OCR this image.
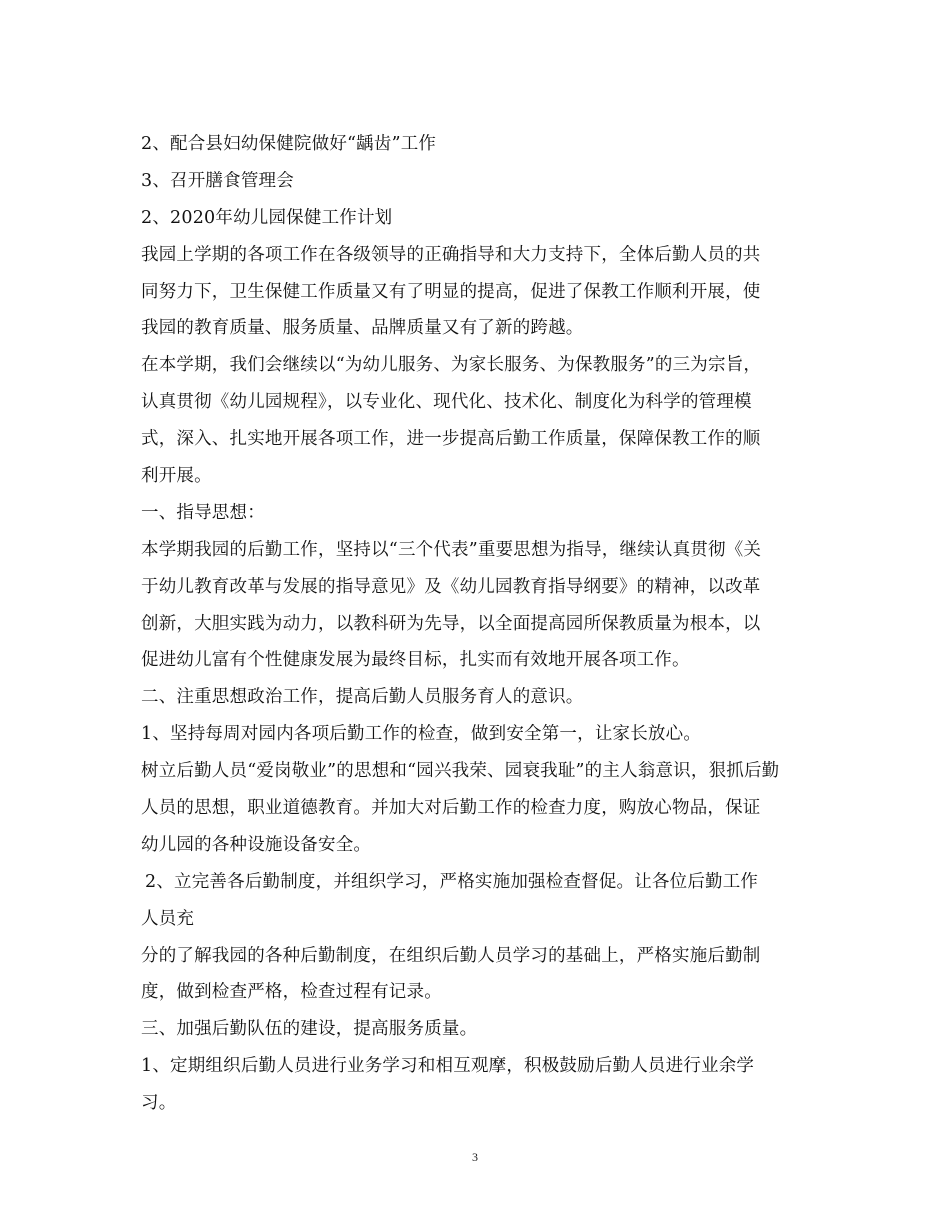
2、配合县妇幼保健院做好“龋齿”工作
3、召开膳食管理会
2、2020年幼儿园保健工作计划
我园上学期的各项工作在各级领导的正确指导和大力支持下，全体后勤人员的共
同努力下，卫生保健工作质量又有了明显的提高，促进了保教工作顺利开展，使
我园的教育质量、服务质量、品牌质量又有了新的跨越。
在本学期，我们会继续以“为幼儿服务、为家长服务、为保教服务”的三为宗旨，
认真贯彻《幼儿园规程》，以专业化、现代化、技术化、制度化为科学的管理模
式，深入、扎实地开展各项工作，进一步提高后勤工作质量，保障保教工作的顺
利开展。
一、指导思想：
本学期我园的后勤工作，坚持以“三个代表”重要思想为指导，继续认真贯彻《关
于幼儿教育改革与发展的指导意见》及《幼儿园教育指导纲要》的精神，以改革
创新，大胆实践为动力，以教科研为先导，以全面提高园所保教质量为根本，以
促进幼儿富有个性健康发展为最终目标，扎实而有效地开展各项工作。
二、注重思想政治工作，提高后勤人员服务育人的意识。
1、坚持每周对园内各项后勤工作的检查，做到安全第一，让家长放心。
树立后勤人员“爱岗敬业”的思想和“园兴我荣、园衰我耻”的主人翁意识，狠抓后勤
人员的思想，职业道德教育。并加大对后勤工作的检查力度，购放心物品，保证
幼儿园的各种设施设备安全。
2、立完善各后勤制度，并组织学习，严格实施加强检查督促。让各位后勤工作
人员充
分的了解我园的各种后勤制度，在组织后勤人员学习的基础上，严格实施后勤制
度，做到检查严格，检查过程有记录。
三、加强后勤队伍的建设，提高服务质量。
1、定期组织后勤人员进行业务学习和相互观摩，积极鼓励后勤人员进行业余学
习。
3
